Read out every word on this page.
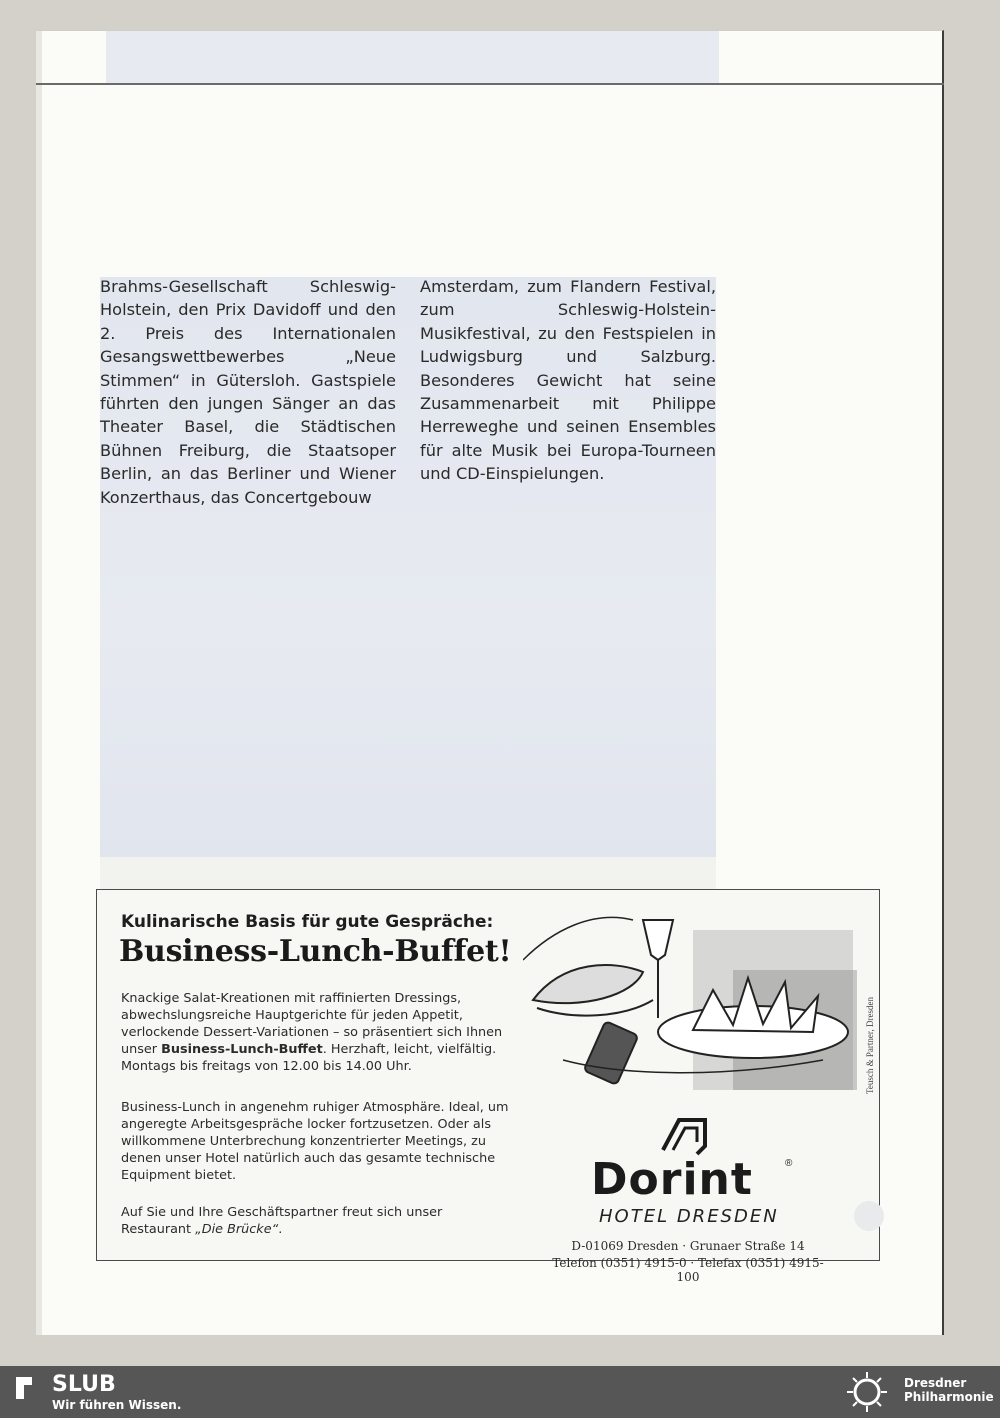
Brahms-Gesellschaft Schleswig-Holstein, den Prix Davidoff und den 2. Preis des Internationalen Gesangswettbewerbes „Neue Stimmen“ in Gütersloh. Gastspiele führten den jungen Sänger an das Theater Basel, die Städtischen Bühnen Freiburg, die Staatsoper Berlin, an das Berliner und Wiener Konzerthaus, das Concertgebouw
Amsterdam, zum Flandern Festival, zum Schleswig-Holstein-Musikfestival, zu den Festspielen in Ludwigsburg und Salzburg. Besonderes Gewicht hat seine Zusammenarbeit mit Philippe Herreweghe und seinen Ensembles für alte Musik bei Europa-Tourneen und CD-Einspielungen.
Kulinarische Basis für gute Gespräche:
Business-Lunch-Buffet!
Knackige Salat-Kreationen mit raffinierten Dressings, abwechslungsreiche Hauptgerichte für jeden Appetit, verlockende Dessert-Variationen – so präsentiert sich Ihnen unser Business-Lunch-Buffet. Herzhaft, leicht, vielfältig. Montags bis freitags von 12.00 bis 14.00 Uhr.
Business-Lunch in angenehm ruhiger Atmosphäre. Ideal, um angeregte Arbeitsgespräche locker fortzusetzen. Oder als willkommene Unterbrechung konzentrierter Meetings, zu denen unser Hotel natürlich auch das gesamte technische Equipment bietet.
Auf Sie und Ihre Geschäftspartner freut sich unser Restaurant „Die Brücke“.
Teusch & Partner, Dresden
Dorint	®
HOTEL DRESDEN
D-01069 Dresden · Grunaer Straße 14
Telefon (0351) 4915-0 · Telefax (0351) 4915-100
SLUB
Wir führen Wissen.
Dresdner
Philharmonie
